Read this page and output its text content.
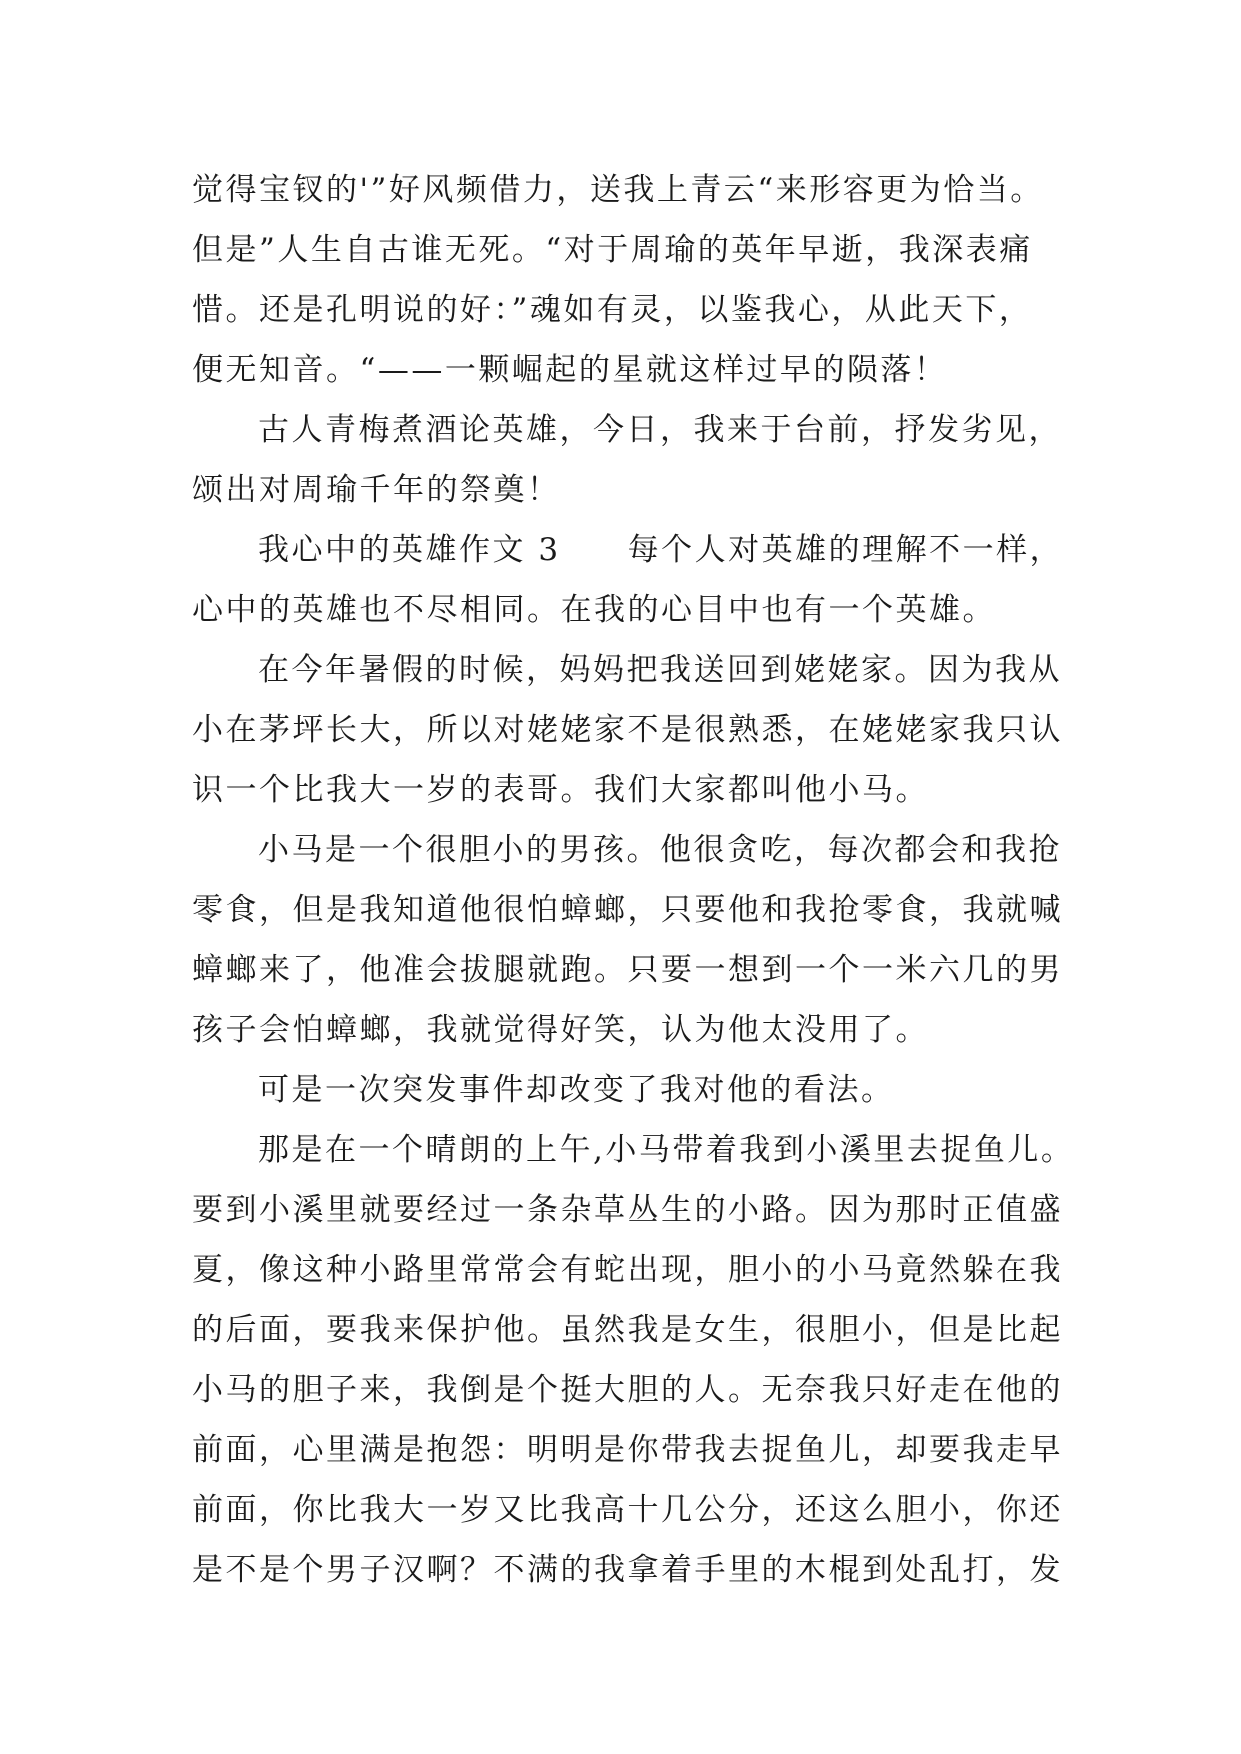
觉得宝钗的'”好风频借力，送我上青云“来形容更为恰当。
但是”人生自古谁无死。“对于周瑜的英年早逝，我深表痛
惜。还是孔明说的好：”魂如有灵，以鉴我心，从此天下，
便无知音。“——一颗崛起的星就这样过早的陨落！
古人青梅煮酒论英雄，今日，我来于台前，抒发劣见，
颂出对周瑜千年的祭奠！
我心中的英雄作文 3　　每个人对英雄的理解不一样，
心中的英雄也不尽相同。在我的心目中也有一个英雄。
在今年暑假的时候，妈妈把我送回到姥姥家。因为我从
小在茅坪长大，所以对姥姥家不是很熟悉，在姥姥家我只认
识一个比我大一岁的表哥。我们大家都叫他小马。
小马是一个很胆小的男孩。他很贪吃，每次都会和我抢
零食，但是我知道他很怕蟑螂，只要他和我抢零食，我就喊
蟑螂来了，他准会拔腿就跑。只要一想到一个一米六几的男
孩子会怕蟑螂，我就觉得好笑，认为他太没用了。
可是一次突发事件却改变了我对他的看法。
那是在一个晴朗的上午,小马带着我到小溪里去捉鱼儿。
要到小溪里就要经过一条杂草丛生的小路。因为那时正值盛
夏，像这种小路里常常会有蛇出现，胆小的小马竟然躲在我
的后面，要我来保护他。虽然我是女生，很胆小，但是比起
小马的胆子来，我倒是个挺大胆的人。无奈我只好走在他的
前面，心里满是抱怨：明明是你带我去捉鱼儿，却要我走早
前面，你比我大一岁又比我高十几公分，还这么胆小，你还
是不是个男子汉啊？不满的我拿着手里的木棍到处乱打，发
